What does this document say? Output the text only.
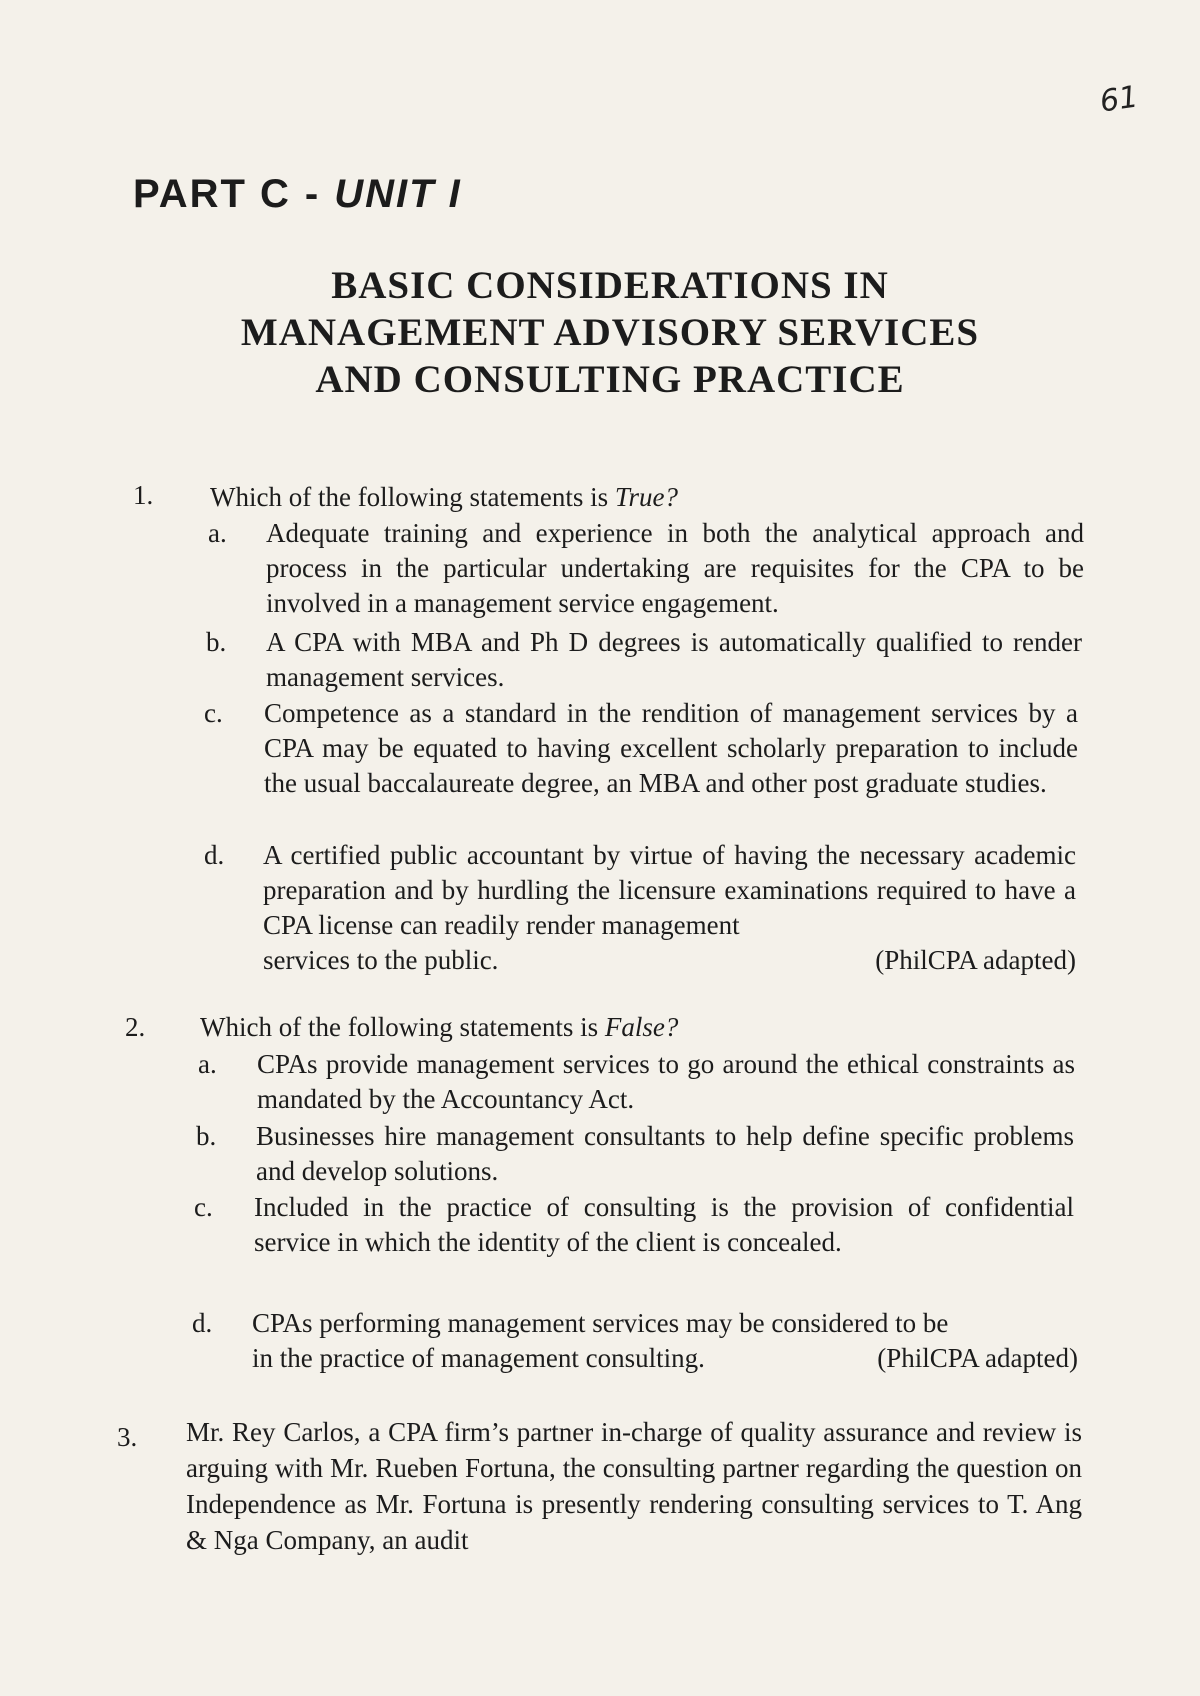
61
PART C - UNIT I
BASIC CONSIDERATIONS IN
MANAGEMENT ADVISORY SERVICES
AND CONSULTING PRACTICE
1. Which of the following statements is True?
a. Adequate training and experience in both the analytical approach and process in the particular undertaking are requisites for the CPA to be involved in a management service engagement.
b. A CPA with MBA and Ph D degrees is automatically qualified to render management services.
c. Competence as a standard in the rendition of management services by a CPA may be equated to having excellent scholarly preparation to include the usual baccalaureate degree, an MBA and other post graduate studies.
d. A certified public accountant by virtue of having the necessary academic preparation and by hurdling the licensure examinations required to have a CPA license can readily render management
services to the public.	(PhilCPA adapted)
2. Which of the following statements is False?
a. CPAs provide management services to go around the ethical constraints as mandated by the Accountancy Act.
b. Businesses hire management consultants to help define specific problems and develop solutions.
c. Included in the practice of consulting is the provision of confidential service in which the identity of the client is concealed.
d. CPAs performing management services may be considered to be
in the practice of management consulting.	(PhilCPA adapted)
3. Mr. Rey Carlos, a CPA firm’s partner in-charge of quality assurance and review is arguing with Mr. Rueben Fortuna, the consulting partner regarding the question on Independence as Mr. Fortuna is presently rendering consulting services to T. Ang & Nga Company, an audit
